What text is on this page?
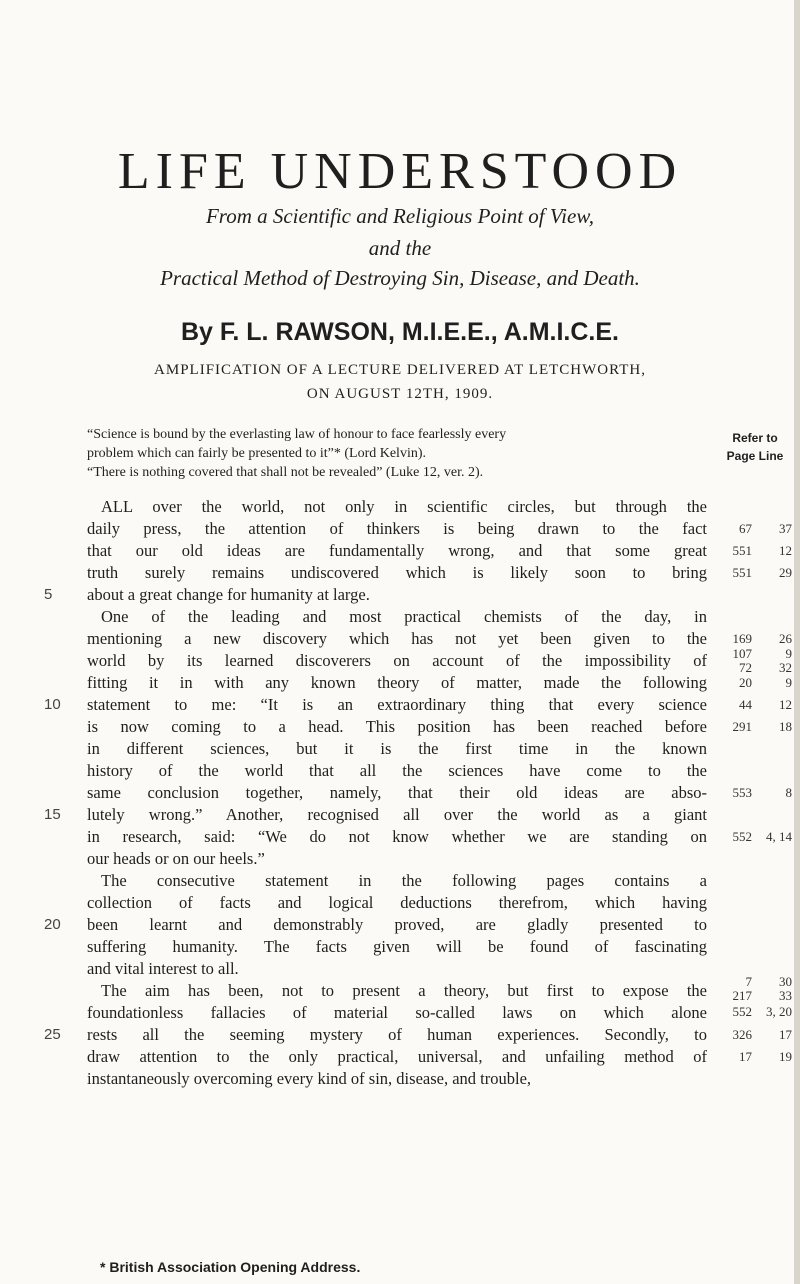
LIFE UNDERSTOOD

From a Scientific and Religious Point of View,

and the

Practical Method of Destroying Sin, Disease, and Death.

By F. L. RAWSON, M.I.E.E., A.M.I.C.E.

AMPLIFICATION OF A LECTURE DELIVERED AT LETCHWORTH,

ON AUGUST 12TH, 1909.

“Science is bound by the everlasting law of honour to face fearlessly every

problem which can fairly be presented to it”* (Lord Kelvin).

“There is nothing covered that shall not be revealed” (Luke 12, ver. 2).

Refer to

Page Line

ALL over the world, not only in scientific circles, but through the

daily press, the attention of thinkers is being drawn to the fact

that our old ideas are fundamentally wrong, and that some great

truth surely remains undiscovered which is likely soon to bring

about a great change for humanity at large.

One of the leading and most practical chemists of the day, in

mentioning a new discovery which has not yet been given to the

world by its learned discoverers on account of the impossibility of

fitting it in with any known theory of matter, made the following

statement to me: “It is an extraordinary thing that every science

is now coming to a head. This position has been reached before

in different sciences, but it is the first time in the known

history of the world that all the sciences have come to the

same conclusion together, namely, that their old ideas are abso-

lutely wrong.” Another, recognised all over the world as a giant

in research, said: “We do not know whether we are standing on

our heads or on our heels.”

The consecutive statement in the following pages contains a

collection of facts and logical deductions therefrom, which having

been learnt and demonstrably proved, are gladly presented to

suffering humanity. The facts given will be found of fascinating

and vital interest to all.

The aim has been, not to present a theory, but first to expose the

foundationless fallacies of material so-called laws on which alone

rests all the seeming mystery of human experiences. Secondly, to

draw attention to the only practical, universal, and unfailing method of

instantaneously overcoming every kind of sin, disease, and trouble,

5
10
15
20
25
67 37
551 12
551 29
169 26
107	9
72 32
20	9
44 12
291 18
553	8
552 4, 14
7 30
217 33
552 3, 20
326 17
17 19

* British Association Opening Address.
